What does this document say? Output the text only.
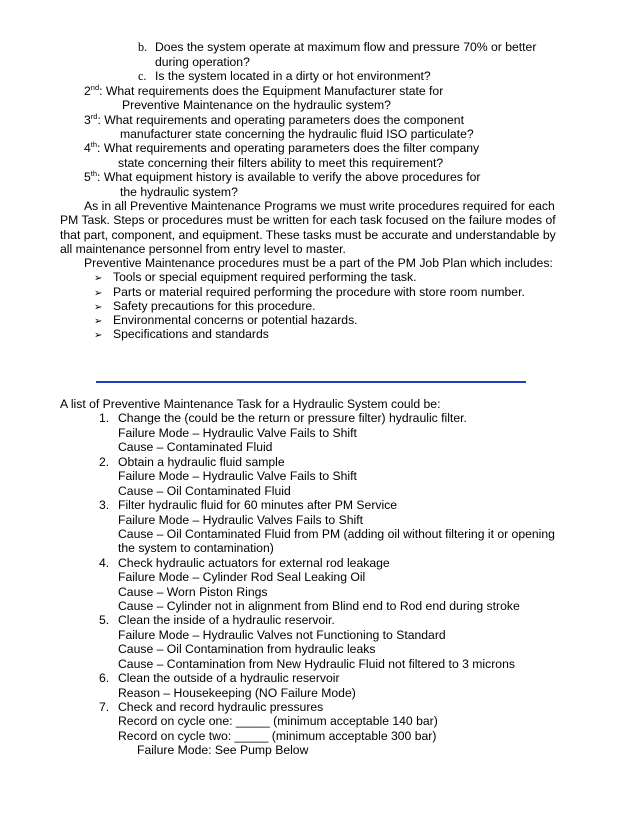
b. Does the system operate at maximum flow and pressure 70% or better
during operation?
c. Is the system located in a dirty or hot environment?
2nd: What requirements does the Equipment Manufacturer state for
Preventive Maintenance on the hydraulic system?
3rd: What requirements and operating parameters does the component
manufacturer state concerning the hydraulic fluid ISO particulate?
4th: What requirements and operating parameters does the filter company
state concerning their filters ability to meet this requirement?
5th: What equipment history is available to verify the above procedures for
the hydraulic system?
As in all Preventive Maintenance Programs we must write procedures required for each
PM Task. Steps or procedures must be written for each task focused on the failure modes of
that part, component, and equipment. These tasks must be accurate and understandable by
all maintenance personnel from entry level to master.
Preventive Maintenance procedures must be a part of the PM Job Plan which includes:
➢ Tools or special equipment required performing the task.
➢ Parts or material required performing the procedure with store room number.
➢ Safety precautions for this procedure.
➢ Environmental concerns or potential hazards.
➢ Specifications and standards
A list of Preventive Maintenance Task for a Hydraulic System could be:
1. Change the (could be the return or pressure filter) hydraulic filter.
Failure Mode – Hydraulic Valve Fails to Shift
Cause – Contaminated Fluid
2. Obtain a hydraulic fluid sample
Failure Mode – Hydraulic Valve Fails to Shift
Cause – Oil Contaminated Fluid
3. Filter hydraulic fluid for 60 minutes after PM Service
Failure Mode – Hydraulic Valves Fails to Shift
Cause – Oil Contaminated Fluid from PM (adding oil without filtering it or opening
the system to contamination)
4. Check hydraulic actuators for external rod leakage
Failure Mode – Cylinder Rod Seal Leaking Oil
Cause – Worn Piston Rings
Cause – Cylinder not in alignment from Blind end to Rod end during stroke
5. Clean the inside of a hydraulic reservoir.
Failure Mode – Hydraulic Valves not Functioning to Standard
Cause – Oil Contamination from hydraulic leaks
Cause – Contamination from New Hydraulic Fluid not filtered to 3 microns
6. Clean the outside of a hydraulic reservoir
Reason – Housekeeping (NO Failure Mode)
7. Check and record hydraulic pressures
Record on cycle one: _____ (minimum acceptable 140 bar)
Record on cycle two: _____ (minimum acceptable 300 bar)
Failure Mode: See Pump Below
